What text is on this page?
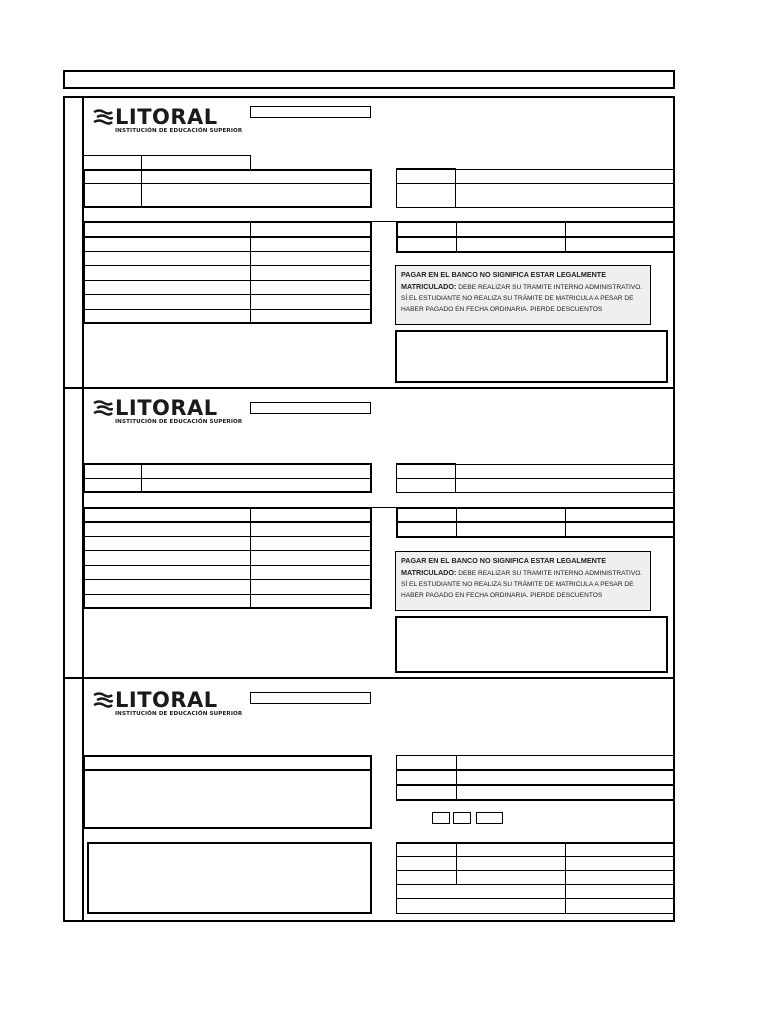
LITORAL
INSTITUCIÓN DE EDUCACIÓN SUPERIOR
PAGAR EN EL BANCO NO SIGNIFICA ESTAR LEGALMENTE MATRICULADO: DEBE REALIZAR SU TRAMITE INTERNO ADMINISTRATIVO. SÍ EL ESTUDIANTE NO REALIZA SU TRÁMITE DE MATRICULA A PESAR DE HABER PAGADO EN FECHA ORDINARIA. PIERDE DESCUENTOS
LITORAL
INSTITUCIÓN DE EDUCACIÓN SUPERIOR
PAGAR EN EL BANCO NO SIGNIFICA ESTAR LEGALMENTE MATRICULADO: DEBE REALIZAR SU TRAMITE INTERNO ADMINISTRATIVO. SÍ EL ESTUDIANTE NO REALIZA SU TRÁMITE DE MATRICULA A PESAR DE HABER PAGADO EN FECHA ORDINARIA. PIERDE DESCUENTOS
LITORAL
INSTITUCIÓN DE EDUCACIÓN SUPERIOR
